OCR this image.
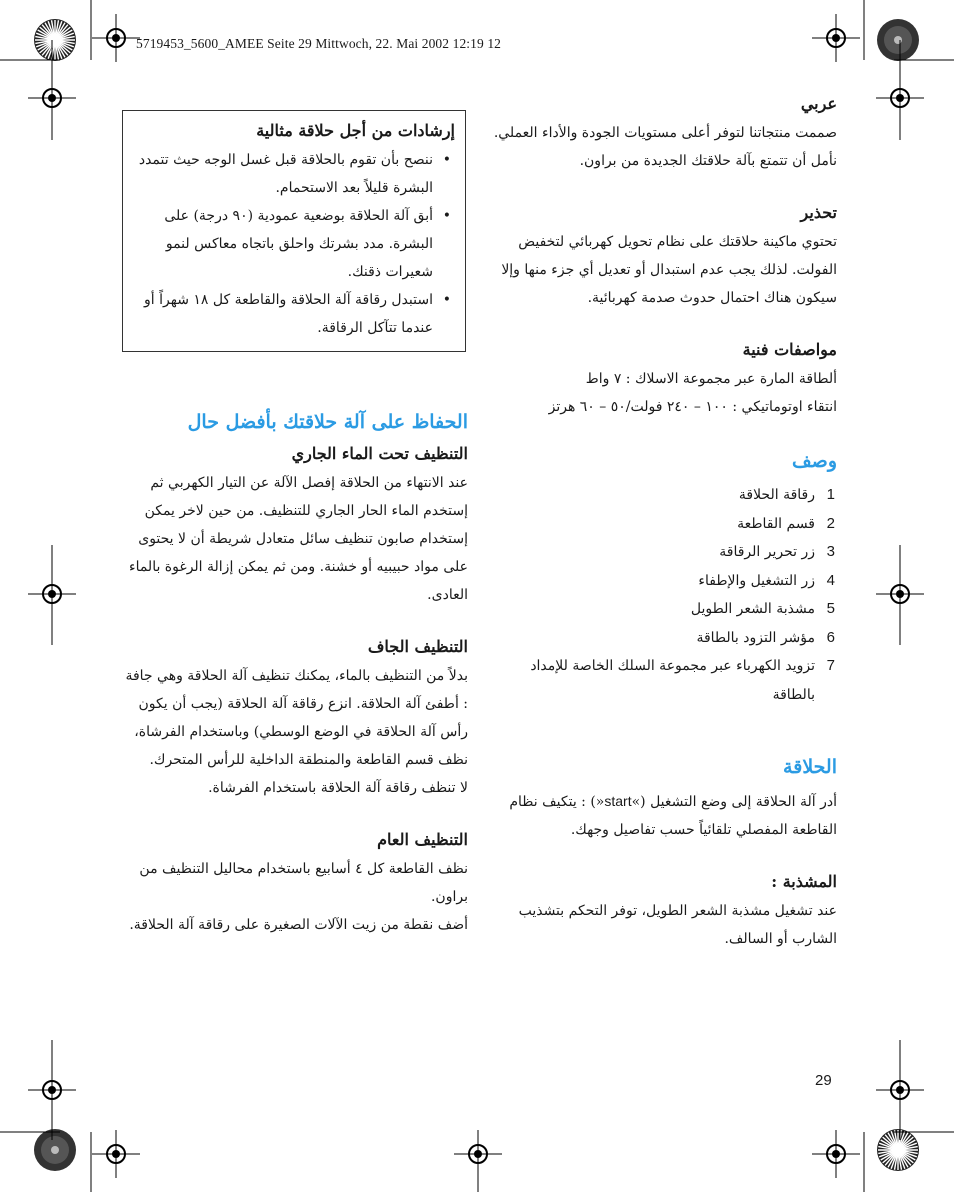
5719453_5600_AMEE Seite 29 Mittwoch, 22. Mai 2002 12:19 12
عربي

صممت منتجاتنا لتوفر أعلى مستويات الجودة والأداء العملي. نأمل أن تتمتع بآلة حلاقتك الجديدة من براون.

تحذير

تحتوي ماكينة حلاقتك على نظام تحويل كهربائي لتخفيض الفولت. لذلك يجب عدم استبدال أو تعديل أي جزء منها وإلا سيكون هناك احتمال حدوث صدمة كهربائية.

مواصفات فنية

ألطاقة المارة عبر مجموعة الاسلاك : ٧ واط

انتقاء اوتوماتيكي : ١٠٠ – ٢٤٠ فولت/٥٠ – ٦٠ هرتز

وصف
1
رقاقة الحلاقة
2
قسم القاطعة
3
زر تحرير الرقاقة
4
زر التشغيل والإطفاء
5
مشذبة الشعر الطويل
6
مؤشر التزود بالطاقة
7
تزويد الكهرباء عبر مجموعة السلك الخاصة للإمداد بالطاقة
الحلاقة

أدر آلة الحلاقة إلى وضع التشغيل (»start«) : يتكيف نظام القاطعة المفصلي تلقائياً حسب تفاصيل وجهك.

المشذبة :

عند تشغيل مشذبة الشعر الطويل، توفر التحكم بتشذيب الشارب أو السالف.

إرشادات من أجل حلاقة مثالية
• ننصح بأن تقوم بالحلاقة قبل غسل الوجه حيث تتمدد البشرة قليلاً بعد الاستحمام.
• أبق آلة الحلاقة بوضعية عمودية (٩٠ درجة) على البشرة. مدد بشرتك واحلق باتجاه معاكس لنمو شعيرات ذقنك.
• استبدل رقاقة آلة الحلاقة والقاطعة كل ١٨ شهراً أو عندما تتآكل الرقاقة.
الحفاظ على آلة حلاقتك بأفضل حال
التنظيف تحت الماء الجاري

عند الانتهاء من الحلاقة إفصل الآلة عن التيار الكهربي ثم إستخدم الماء الحار الجاري للتنظيف. من حين لاخر يمكن إستخدام صابون تنظيف سائل متعادل شريطة أن لا يحتوى على مواد حبيبيه أو خشنة. ومن ثم يمكن إزالة الرغوة بالماء العادى.

التنظيف الجاف

بدلاً من التنظيف بالماء، يمكنك تنظيف آلة الحلاقة وهي جافة : أطفئ آلة الحلاقة. انزع رقاقة آلة الحلاقة (يجب أن يكون رأس آلة الحلاقة في الوضع الوسطي) وباستخدام الفرشاة، نظف قسم القاطعة والمنطقة الداخلية للرأس المتحرك.

لا تنظف رقاقة آلة الحلاقة باستخدام الفرشاة.

التنظيف العام

نظف القاطعة كل ٤ أسابيع باستخدام محاليل التنظيف من براون.

أضف نقطة من زيت الآلات الصغيرة على رقاقة آلة الحلاقة.

29
